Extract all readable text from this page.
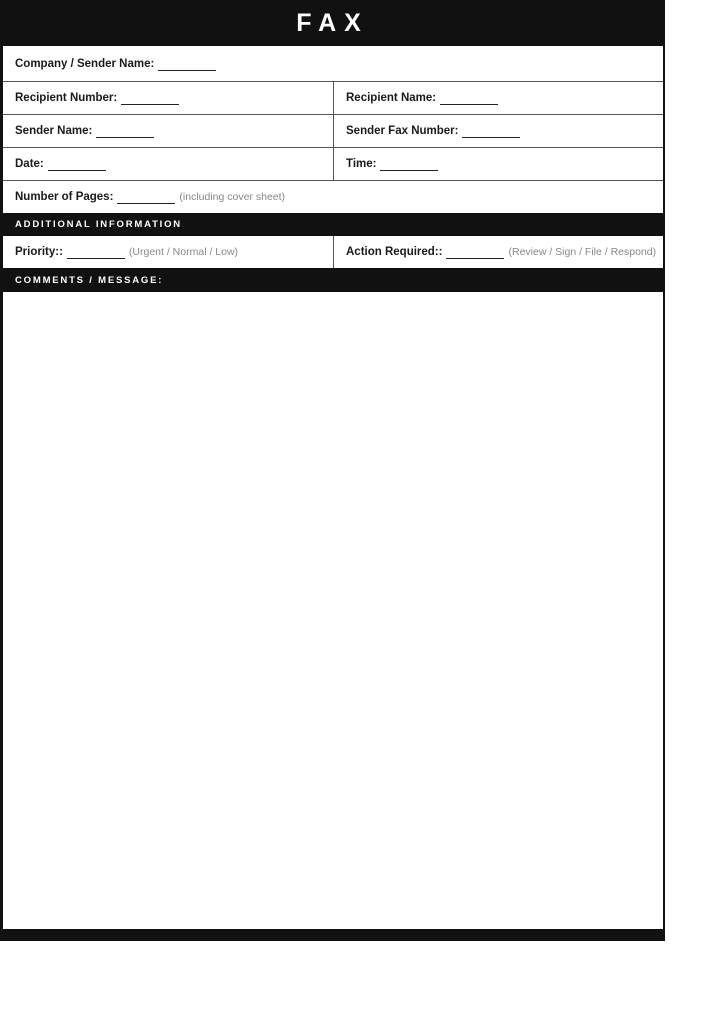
FAX
Company / Sender Name:
Recipient Number:	Recipient Name:
Sender Name:	Sender Fax Number:
Date:	Time:
Number of Pages:	(including cover sheet)
ADDITIONAL INFORMATION
Priority::	(Urgent / Normal / Low)	Action Required::	(Review / Sign / File / Respond)
COMMENTS / MESSAGE:
